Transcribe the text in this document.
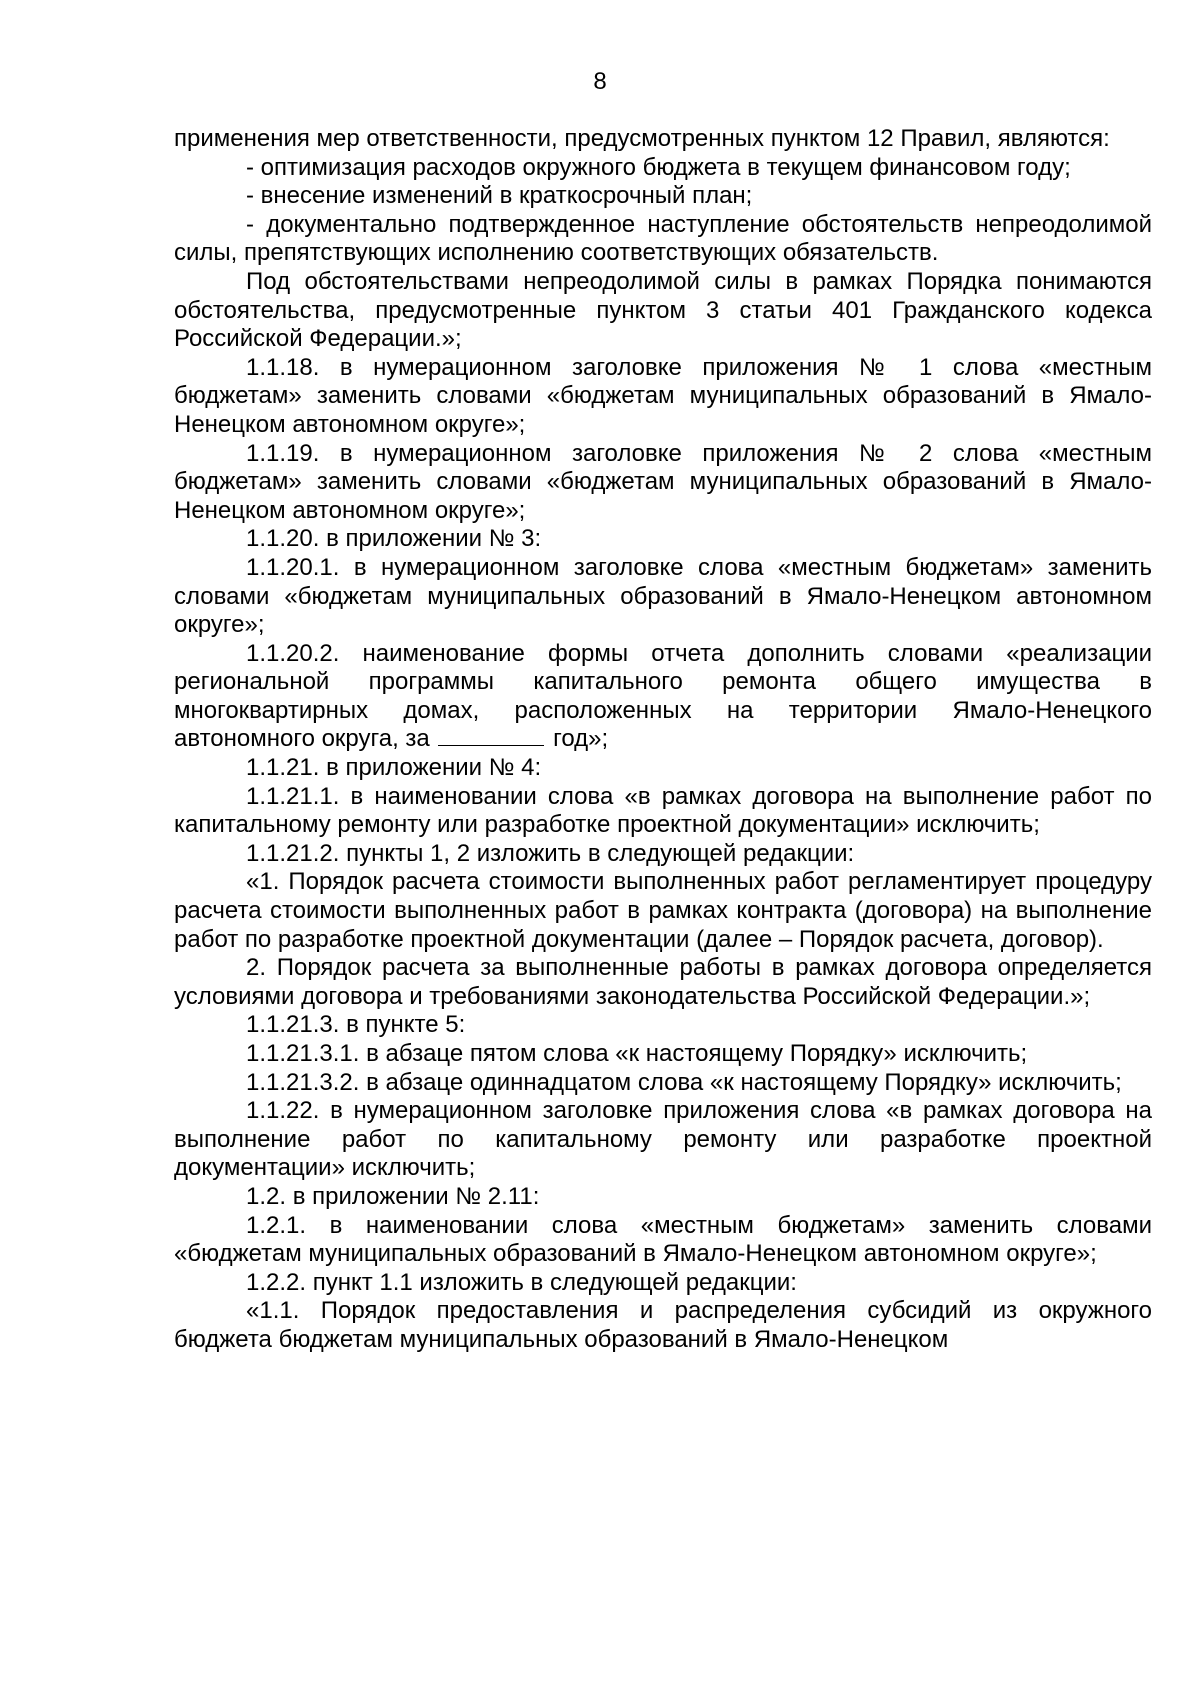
8

применения мер ответственности, предусмотренных пунктом 12 Правил, являются:

- оптимизация расходов окружного бюджета в текущем финансовом году;

- внесение изменений в краткосрочный план;

- документально подтвержденное наступление обстоятельств непреодолимой силы, препятствующих исполнению соответствующих обязательств.

Под обстоятельствами непреодолимой силы в рамках Порядка понимаются обстоятельства, предусмотренные пунктом 3 статьи 401 Гражданского кодекса Российской Федерации.»;

1.1.18. в нумерационном заголовке приложения № 1 слова «местным бюджетам» заменить словами «бюджетам муниципальных образований в Ямало-Ненецком автономном округе»;

1.1.19. в нумерационном заголовке приложения № 2 слова «местным бюджетам» заменить словами «бюджетам муниципальных образований в Ямало-Ненецком автономном округе»;

1.1.20. в приложении № 3:

1.1.20.1. в нумерационном заголовке слова «местным бюджетам» заменить словами «бюджетам муниципальных образований в Ямало-Ненецком автономном округе»;

1.1.20.2. наименование формы отчета дополнить словами «реализации региональной программы капитального ремонта общего имущества в многоквартирных домах, расположенных на территории Ямало-Ненецкого автономного округа, за	год»;

1.1.21. в приложении № 4:

1.1.21.1. в наименовании слова «в рамках договора на выполнение работ по капитальному ремонту или разработке проектной документации» исключить;

1.1.21.2. пункты 1, 2 изложить в следующей редакции:

«1. Порядок расчета стоимости выполненных работ регламентирует процедуру расчета стоимости выполненных работ в рамках контракта (договора) на выполнение работ по разработке проектной документации (далее – Порядок расчета, договор).

2. Порядок расчета за выполненные работы в рамках договора определяется условиями договора и требованиями законодательства Российской Федерации.»;

1.1.21.3. в пункте 5:

1.1.21.3.1. в абзаце пятом слова «к настоящему Порядку» исключить;

1.1.21.3.2. в абзаце одиннадцатом слова «к настоящему Порядку» исключить;

1.1.22. в нумерационном заголовке приложения слова «в рамках договора на выполнение работ по капитальному ремонту или разработке проектной документации» исключить;

1.2. в приложении № 2.11:

1.2.1. в наименовании слова «местным бюджетам» заменить словами «бюджетам муниципальных образований в Ямало-Ненецком автономном округе»;

1.2.2. пункт 1.1 изложить в следующей редакции:

«1.1. Порядок предоставления и распределения субсидий из окружного бюджета бюджетам муниципальных образований в Ямало-Ненецком
